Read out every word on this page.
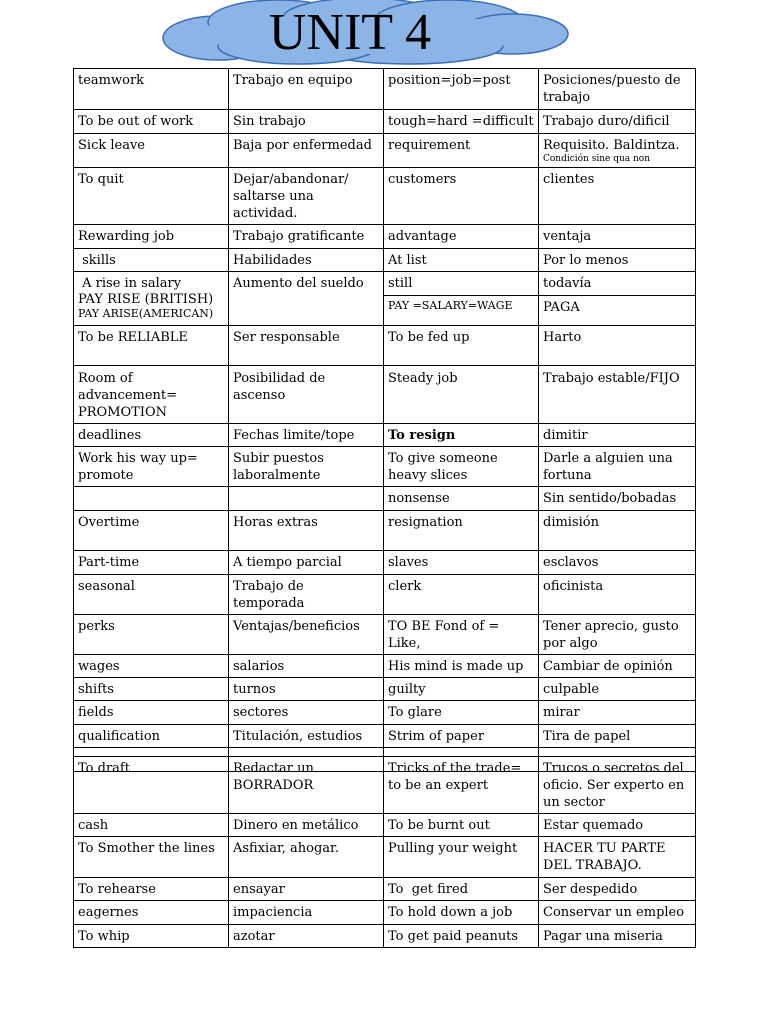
UNIT 4
teamwork	Trabajo en equipo	position=job=post	Posiciones/puesto de trabajo
To be out of work	Sin trabajo	tough=hard =difficult	Trabajo duro/dificil
Sick leave	Baja por enfermedad	requirement	Requisito. Baldintza.
Condición sine qua non

To quit	Dejar/abandonar/ saltarse una actividad.	customers	clientes
Rewarding job	Trabajo gratificante	advantage	ventaja
skills	Habilidades	At list	Por lo menos

A rise in salary
PAY RISE (BRITISH)
PAY ARISE(AMERICAN)	Aumento del sueldo	still	todavía

		PAY =SALARY=WAGE	PAGA
To be RELIABLE	Ser responsable	To be fed up	Harto
Room of advancement= PROMOTION	Posibilidad de ascenso	Steady job	Trabajo estable/FIJO
deadlines	Fechas limite/tope	To resign	dimitir
Work his way up= promote	Subir puestos laboralmente	To give someone heavy slices	Darle a alguien una fortuna
		nonsense	Sin sentido/bobadas
Overtime	Horas extras	resignation	dimisión
Part-time	A tiempo parcial	slaves	esclavos
seasonal	Trabajo de temporada	clerk	oficinista
perks	Ventajas/beneficios	TO BE Fond of = Like,	Tener aprecio, gusto por algo
wages	salarios	His mind is made up	Cambiar de opinión
shifts	turnos	guilty	culpable
fields	sectores	To glare	mirar
qualification	Titulación, estudios	Strim of paper	Tira de papel

To draft	Redactar un BORRADOR	Tricks of the trade= to be an expert	Trucos o secretos del oficio. Ser experto en un sector
cash	Dinero en metálico	To be burnt out	Estar quemado
To Smother the lines	Asfixiar, ahogar.	Pulling your weight	HACER TU PARTE DEL TRABAJO.
To rehearse	ensayar	To  get fired	Ser despedido
eagernes	impaciencia	To hold down a job	Conservar un empleo
To whip	azotar	To get paid peanuts	Pagar una miseria
